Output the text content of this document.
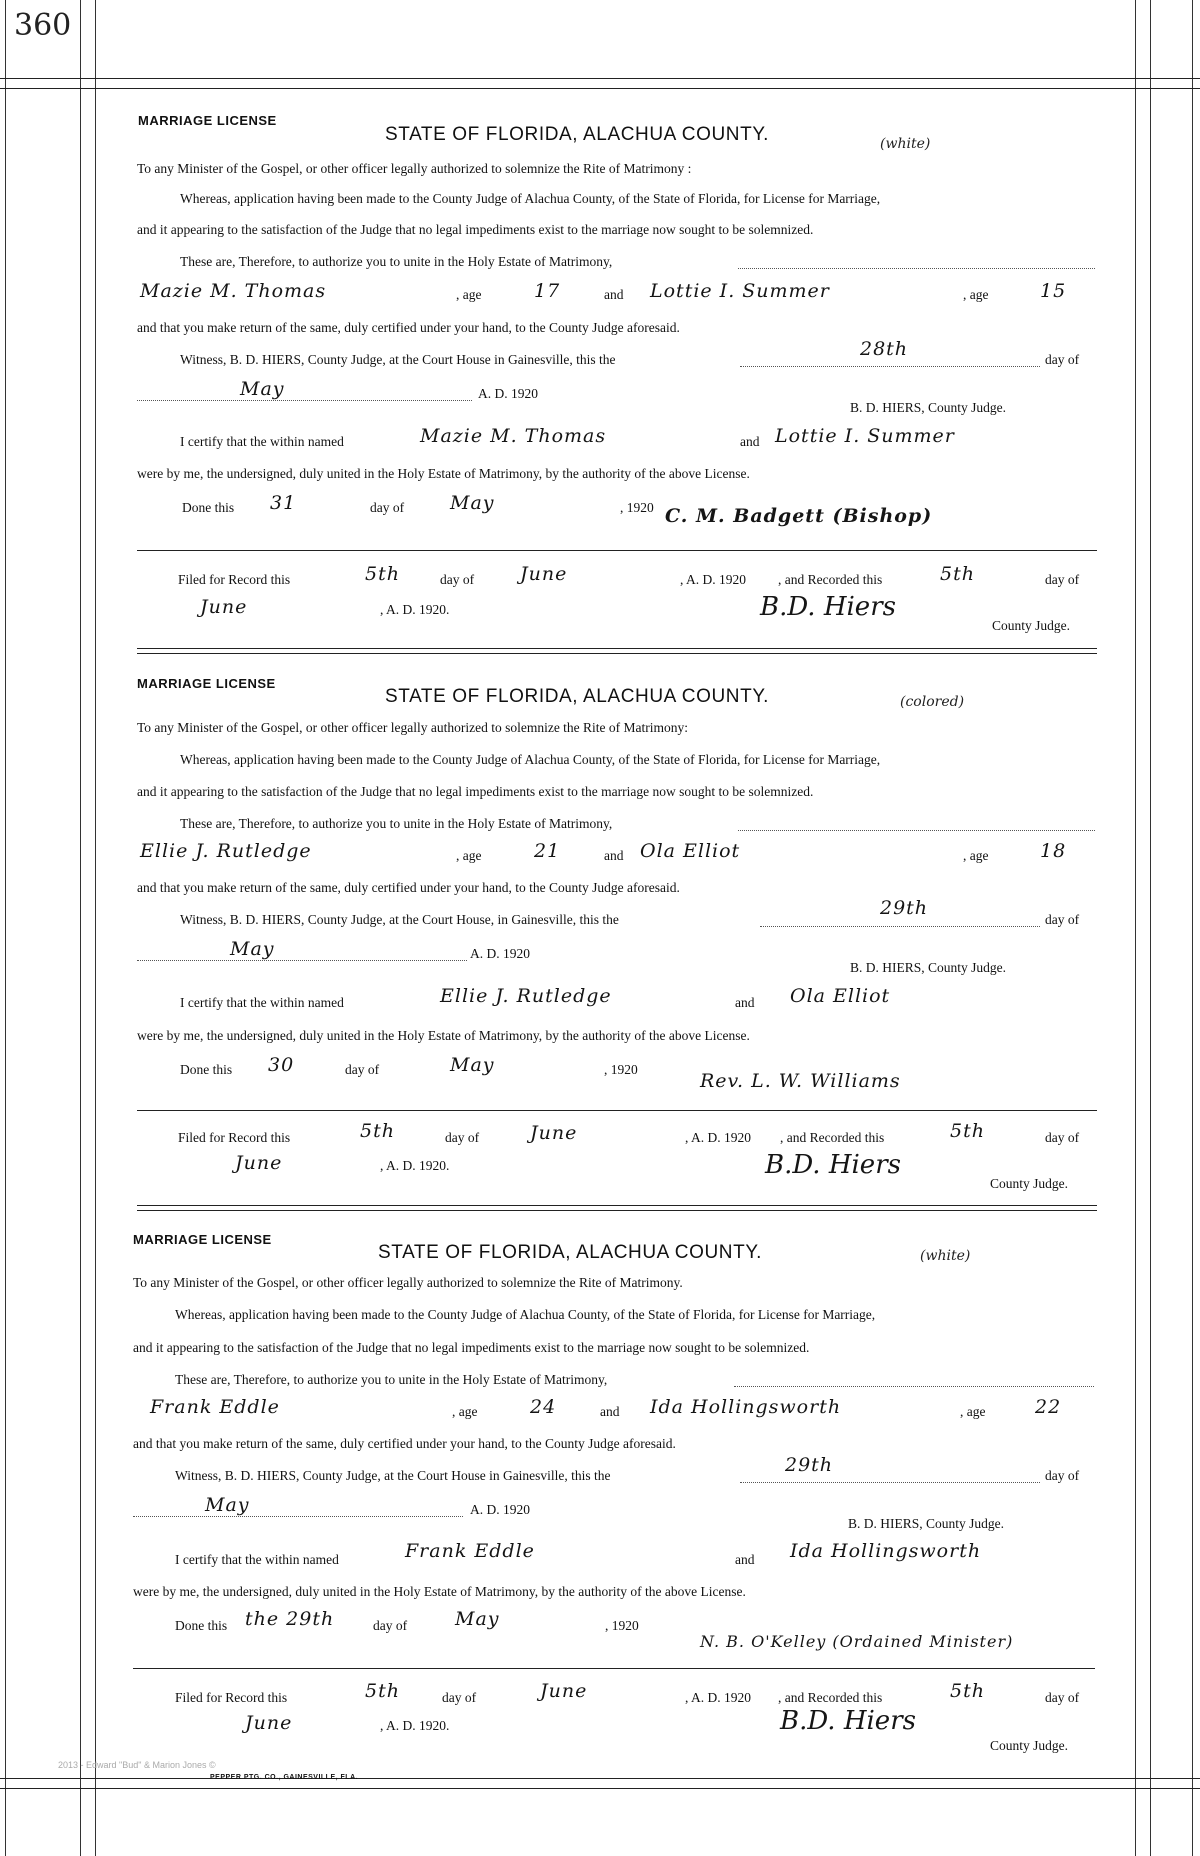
360
MARRIAGE LICENSE
STATE OF FLORIDA, ALACHUA COUNTY.	(white)
To any Minister of the Gospel, or other officer legally authorized to solemnize the Rite of Matrimony :
Whereas, application having been made to the County Judge of Alachua County, of the State of Florida, for License for Marriage,
and it appearing to the satisfaction of the Judge that no legal impediments exist to the marriage now sought to be solemnized.
These are, Therefore, to authorize you to unite in the Holy Estate of Matrimony,
Mazie M. Thomas	, age	17	and Lottie I. Summer	, age	15
and that you make return of the same, duly certified under your hand, to the County Judge aforesaid.
Witness, B. D. HIERS, County Judge, at the Court House in Gainesville, this the	28th	day of
May	A. D. 1920
B. D. HIERS, County Judge.
I certify that the within named	Mazie M. Thomas	and Lottie I. Summer
were by me, the undersigned, duly united in the Holy Estate of Matrimony, by the authority of the above License.
Done this 31	day of May	, 1920 C. M. Badgett (Bishop)
Filed for Record this	5th	day of June	, A. D. 1920 , and Recorded this	5th	day of
June	, A. D. 1920.	B.D. Hiers
County Judge.
MARRIAGE LICENSE
STATE OF FLORIDA, ALACHUA COUNTY.	(colored)
To any Minister of the Gospel, or other officer legally authorized to solemnize the Rite of Matrimony:
Whereas, application having been made to the County Judge of Alachua County, of the State of Florida, for License for Marriage,
and it appearing to the satisfaction of the Judge that no legal impediments exist to the marriage now sought to be solemnized.
These are, Therefore, to authorize you to unite in the Holy Estate of Matrimony,
Ellie J. Rutledge	, age	21	and Ola Elliot	, age	18
and that you make return of the same, duly certified under your hand, to the County Judge aforesaid.
Witness, B. D. HIERS, County Judge, at the Court House, in Gainesville, this the
29th
day of
May	A. D. 1920
B. D. HIERS, County Judge.
I certify that the within named	Ellie J. Rutledge	and Ola Elliot
were by me, the undersigned, duly united in the Holy Estate of Matrimony, by the authority of the above License.
Done this 30	day of	May	, 1920
Rev. L. W. Williams
Filed for Record this	5th	day of	June	, A. D. 1920 , and Recorded this	5th	day of
June	, A. D. 1920.	B.D. Hiers
County Judge.
MARRIAGE LICENSE
STATE OF FLORIDA, ALACHUA COUNTY.	(white)
To any Minister of the Gospel, or other officer legally authorized to solemnize the Rite of Matrimony.
Whereas, application having been made to the County Judge of Alachua County, of the State of Florida, for License for Marriage,
and it appearing to the satisfaction of the Judge that no legal impediments exist to the marriage now sought to be solemnized.
These are, Therefore, to authorize you to unite in the Holy Estate of Matrimony,
Frank Eddle	, age	24	and Ida Hollingsworth	, age	22
and that you make return of the same, duly certified under your hand, to the County Judge aforesaid.
Witness, B. D. HIERS, County Judge, at the Court House in Gainesville, this the	29th	day of
May	A. D. 1920
B. D. HIERS, County Judge.
I certify that the within named	Frank Eddle	and Ida Hollingsworth
were by me, the undersigned, duly united in the Holy Estate of Matrimony, by the authority of the above License.
Done this the 29th	day of	May	, 1920
N. B. O'Kelley (Ordained Minister)
Filed for Record this	5th	day of	June	, A. D. 1920 , and Recorded this	5th	day of
June	, A. D. 1920.	B.D. Hiers
County Judge.
2013 - Edward "Bud" & Marion Jones ©
PEPPER PTG. CO., GAINESVILLE, FLA.
